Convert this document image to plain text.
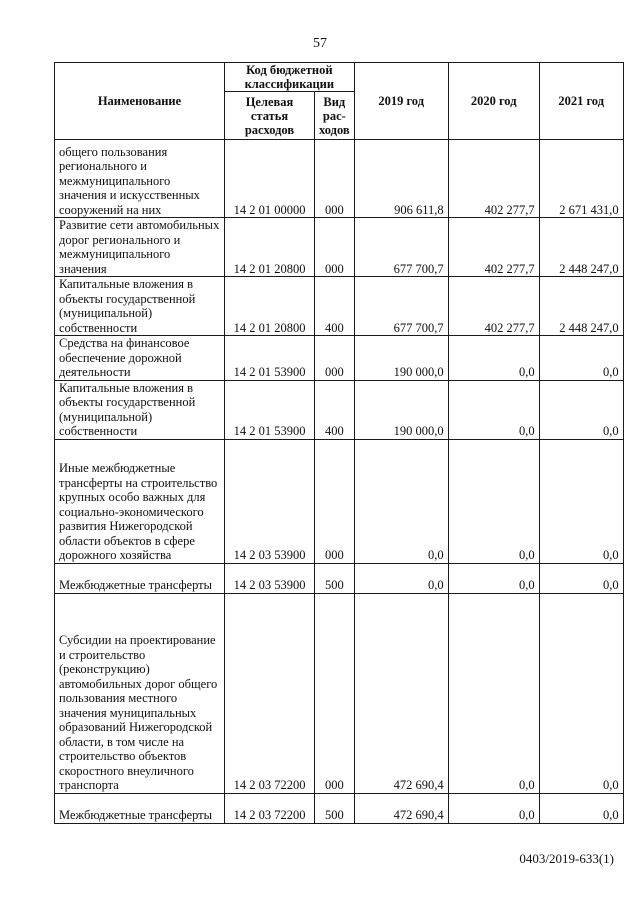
57
Наименование	Код бюджетной классификации		2019 год	2020 год	2021 год
	Целевая статья расходов	Вид рас-ходов			
общего пользования регионального и межмуниципального значения и искусственных сооружений на них	14 2 01 00000	000	906 611,8	402 277,7	2 671 431,0
Развитие сети автомобильных дорог регионального и межмуниципального значения	14 2 01 20800	000	677 700,7	402 277,7	2 448 247,0
Капитальные вложения в объекты государственной (муниципальной) собственности	14 2 01 20800	400	677 700,7	402 277,7	2 448 247,0
Средства на финансовое обеспечение дорожной деятельности	14 2 01 53900	000	190 000,0	0,0	0,0
Капитальные вложения в объекты государственной (муниципальной) собственности	14 2 01 53900	400	190 000,0	0,0	0,0
Иные межбюджетные трансферты на строительство крупных особо важных для социально-экономического развития Нижегородской области объектов в сфере дорожного хозяйства	14 2 03 53900	000	0,0	0,0	0,0
Межбюджетные трансферты	14 2 03 53900	500	0,0	0,0	0,0
Субсидии на проектирование и строительство (реконструкцию) автомобильных дорог общего пользования местного значения муниципальных образований Нижегородской области, в том числе на строительство объектов скоростного внеуличного транспорта	14 2 03 72200	000	472 690,4	0,0	0,0
Межбюджетные трансферты	14 2 03 72200	500	472 690,4	0,0	0,0
0403/2019-633(1)
